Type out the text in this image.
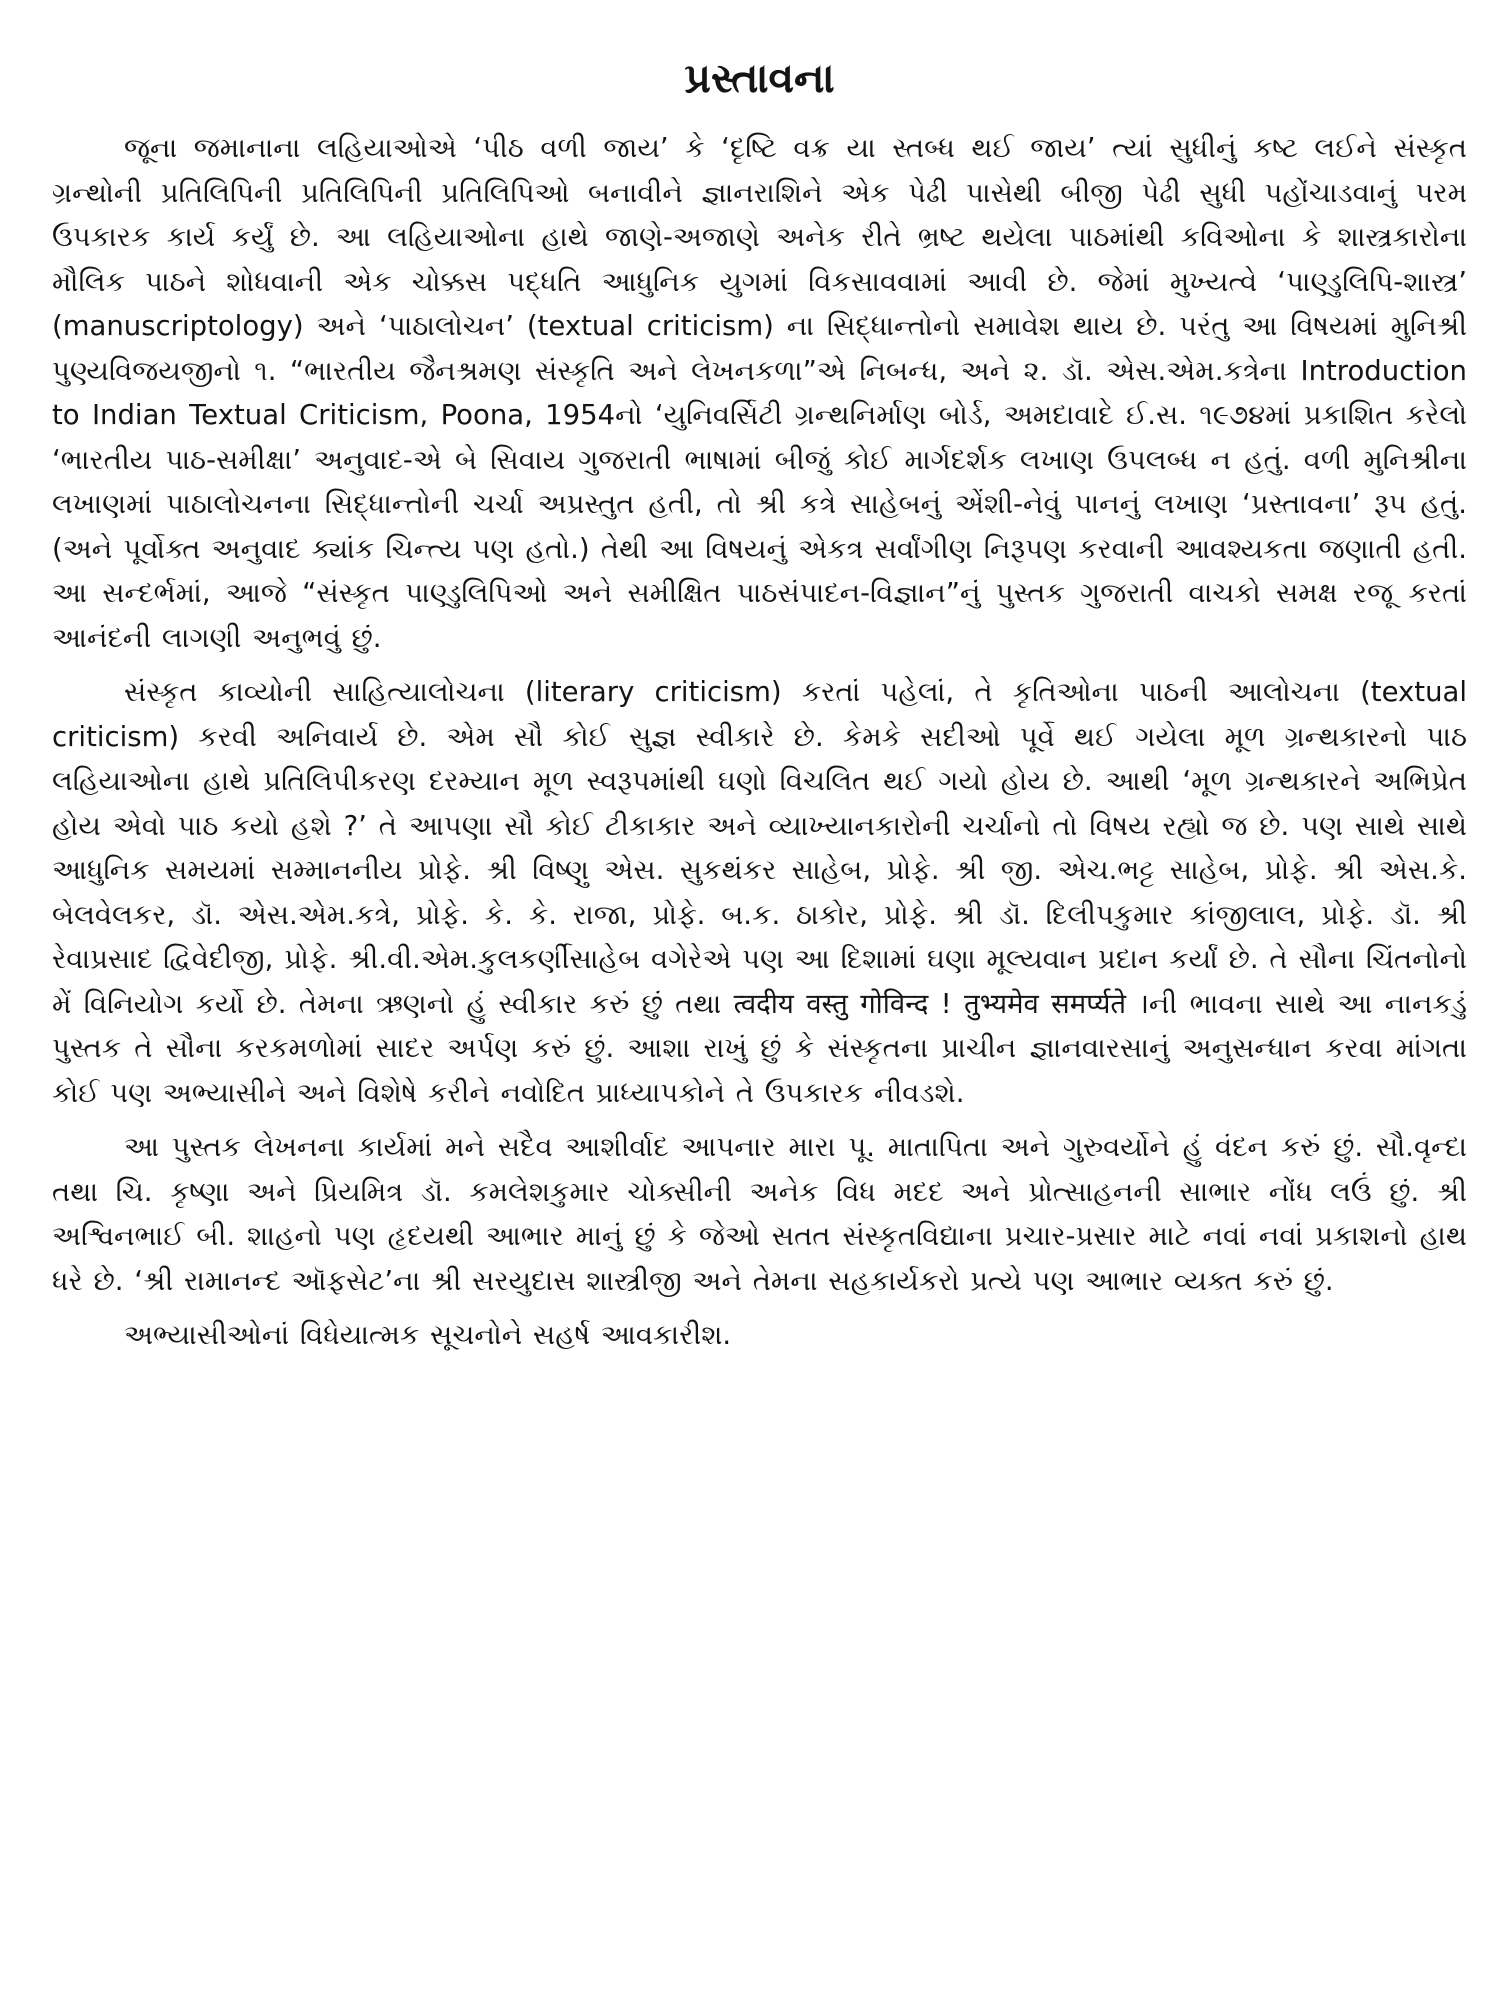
પ્રસ્તાવના

જૂના જમાનાના લહિયાઓએ ‘પીઠ વળી જાય’ કે ‘દૃષ્ટિ વક્ર યા સ્તબ્ધ થઈ જાય’ ત્યાં સુધીનું કષ્ટ લઈને સંસ્કૃત ગ્રન્થોની પ્રતિલિપિની પ્રતિલિપિની પ્રતિલિપિઓ બનાવીને જ્ઞાનરાશિને એક પેઢી પાસેથી બીજી પેઢી સુધી પહોંચાડવાનું પરમ ઉપકારક કાર્ય કર્યું છે. આ લહિયાઓના હાથે જાણે-અજાણે અનેક રીતે ભ્રષ્ટ થયેલા પાઠમાંથી કવિઓના કે શાસ્ત્રકારોના મૌલિક પાઠને શોધવાની એક ચોક્કસ પદ્ધતિ આધુનિક યુગમાં વિકસાવવામાં આવી છે. જેમાં મુખ્યત્વે ‘પાણ્ડુલિપિ-શાસ્ત્ર’ (manuscriptology) અને ‘પાઠાલોચન’ (textual criticism) ના સિદ્ધાન્તોનો સમાવેશ થાય છે. પરંતુ આ વિષયમાં મુનિશ્રી પુણ્યવિજયજીનો ૧. “ભારતીય જૈનશ્રમણ સંસ્કૃતિ અને લેખનકળા”એ નિબન્ધ, અને ૨. ડૉ. એસ.એમ.કત્રેના Introduction to Indian Textual Criticism, Poona, 1954નો ‘યુનિવર્સિટી ગ્રન્થનિર્માણ બોર્ડ, અમદાવાદે ઈ.સ. ૧૯૭૪માં પ્રકાશિત કરેલો ‘ભારતીય પાઠ-સમીક્ષા’ અનુવાદ-એ બે સિવાય ગુજરાતી ભાષામાં બીજું કોઈ માર્ગદર્શક લખાણ ઉપલબ્ધ ન હતું. વળી મુનિશ્રીના લખાણમાં પાઠાલોચનના સિદ્ધાન્તોની ચર્ચા અપ્રસ્તુત હતી, તો શ્રી કત્રે સાહેબનું એંશી-નેવું પાનનું લખાણ ‘પ્રસ્તાવના’ રૂપ હતું. (અને પૂર્વોક્ત અનુવાદ ક્યાંક ચિન્ત્ય પણ હતો.) તેથી આ વિષયનું એકત્ર સર્વાંગીણ નિરૂપણ કરવાની આવશ્યકતા જણાતી હતી. આ સન્દર્ભમાં, આજે “સંસ્કૃત પાણ્ડુલિપિઓ અને સમીક્ષિત પાઠસંપાદન-વિજ્ઞાન”નું પુસ્તક ગુજરાતી વાચકો સમક્ષ રજૂ કરતાં આનંદની લાગણી અનુભવું છું.

સંસ્કૃત કાવ્યોની સાહિત્યાલોચના (literary criticism) કરતાં પહેલાં, તે કૃતિઓના પાઠની આલોચના (textual criticism) કરવી અનિવાર્ય છે. એમ સૌ કોઈ સુજ્ઞ સ્વીકારે છે. કેમકે સદીઓ પૂર્વે થઈ ગયેલા મૂળ ગ્રન્થકારનો પાઠ લહિયાઓના હાથે પ્રતિલિપીકરણ દરમ્યાન મૂળ સ્વરૂપમાંથી ઘણો વિચલિત થઈ ગયો હોય છે. આથી ‘મૂળ ગ્રન્થકારને અભિપ્રેત હોય એવો પાઠ કયો હશે ?’ તે આપણા સૌ કોઈ ટીકાકાર અને વ્યાખ્યાનકારોની ચર્ચાનો તો વિષય રહ્યો જ છે. પણ સાથે સાથે આધુનિક સમયમાં સમ્માનનીય પ્રોફે. શ્રી વિષ્ણુ એસ. સુકથંકર સાહેબ, પ્રોફે. શ્રી જી. એચ.ભટ્ટ સાહેબ, પ્રોફે. શ્રી એસ.કે. બેલવેલકર, ડૉ. એસ.એમ.કત્રે, પ્રોફે. કે. કે. રાજા, પ્રોફે. બ.ક. ઠાકોર, પ્રોફે. શ્રી ડૉ. દિલીપકુમાર કાંજીલાલ, પ્રોફે. ડૉ. શ્રી રેવાપ્રસાદ દ્વિવેદીજી, પ્રોફે. શ્રી.વી.એમ.કુલકર્ણીસાહેબ વગેરેએ પણ આ દિશામાં ઘણા મૂલ્યવાન પ્રદાન કર્યાં છે. તે સૌના ચિંતનોનો મેં વિનિયોગ કર્યો છે. તેમના ઋણનો હું સ્વીકાર કરું છું તથા त्वदीय वस्तु गोविन्द ! तुभ्यमेव समर्प्यते ।ની ભાવના સાથે આ નાનકડું પુસ્તક તે સૌના કરકમળોમાં સાદર અર્પણ કરું છું. આશા રાખું છું કે સંસ્કૃતના પ્રાચીન જ્ઞાનવારસાનું અનુસન્ધાન કરવા માંગતા કોઈ પણ અભ્યાસીને અને વિશેષે કરીને નવોદિત પ્રાધ્યાપકોને તે ઉપકારક નીવડશે.

આ પુસ્તક લેખનના કાર્યમાં મને સદૈવ આશીર્વાદ આપનાર મારા પૂ. માતાપિતા અને ગુરુવર્યોને હું વંદન કરું છું. સૌ.વૃન્દા તથા ચિ. કૃષ્ણા અને પ્રિયમિત્ર ડૉ. કમલેશકુમાર ચોક્સીની અનેક વિધ મદદ અને પ્રોત્સાહનની સાભાર નોંધ લઉં છું. શ્રી અશ્વિનભાઈ બી. શાહનો પણ હૃદયથી આભાર માનું છું કે જેઓ સતત સંસ્કૃતવિદ્યાના પ્રચાર-પ્રસાર માટે નવાં નવાં પ્રકાશનો હાથ ધરે છે. ‘શ્રી રામાનન્દ ઑફસેટ’ના શ્રી સરયુદાસ શાસ્ત્રીજી અને તેમના સહકાર્યકરો પ્રત્યે પણ આભાર વ્યક્ત કરું છું.

અભ્યાસીઓનાં વિધેયાત્મક સૂચનોને સહર્ષ આવકારીશ.
